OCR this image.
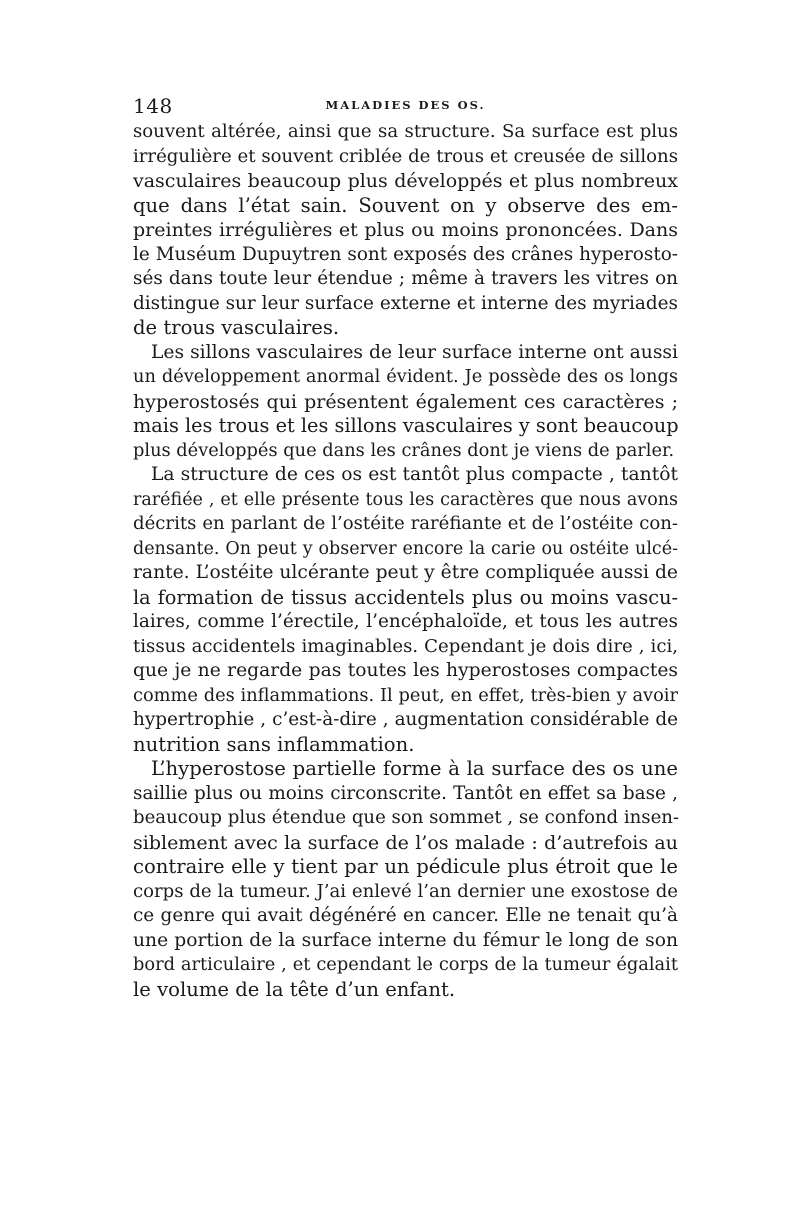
148	MALADIES DES OS.
souvent altérée, ainsi que sa structure. Sa surface est plus
irrégulière et souvent criblée de trous et creusée de sillons
vasculaires beaucoup plus développés et plus nombreux
que dans l’état sain. Souvent on y observe des em-
preintes irrégulières et plus ou moins prononcées. Dans
le Muséum Dupuytren sont exposés des crânes hyperosto-
sés dans toute leur étendue ; même à travers les vitres on
distingue sur leur surface externe et interne des myriades
de trous vasculaires.
Les sillons vasculaires de leur surface interne ont aussi
un développement anormal évident. Je possède des os longs
hyperostosés qui présentent également ces caractères ;
mais les trous et les sillons vasculaires y sont beaucoup
plus développés que dans les crânes dont je viens de parler.
La structure de ces os est tantôt plus compacte , tantôt
raréfiée , et elle présente tous les caractères que nous avons
décrits en parlant de l’ostéite raréfiante et de l’ostéite con-
densante. On peut y observer encore la carie ou ostéite ulcé-
rante. L’ostéite ulcérante peut y être compliquée aussi de
la formation de tissus accidentels plus ou moins vascu-
laires, comme l’érectile, l’encéphaloïde, et tous les autres
tissus accidentels imaginables. Cependant je dois dire , ici,
que je ne regarde pas toutes les hyperostoses compactes
comme des inflammations. Il peut, en effet, très-bien y avoir
hypertrophie , c’est-à-dire , augmentation considérable de
nutrition sans inflammation.
L’hyperostose partielle forme à la surface des os une
saillie plus ou moins circonscrite. Tantôt en effet sa base ,
beaucoup plus étendue que son sommet , se confond insen-
siblement avec la surface de l’os malade : d’autrefois au
contraire elle y tient par un pédicule plus étroit que le
corps de la tumeur. J’ai enlevé l’an dernier une exostose de
ce genre qui avait dégénéré en cancer. Elle ne tenait qu’à
une portion de la surface interne du fémur le long de son
bord articulaire , et cependant le corps de la tumeur égalait
le volume de la tête d’un enfant.
